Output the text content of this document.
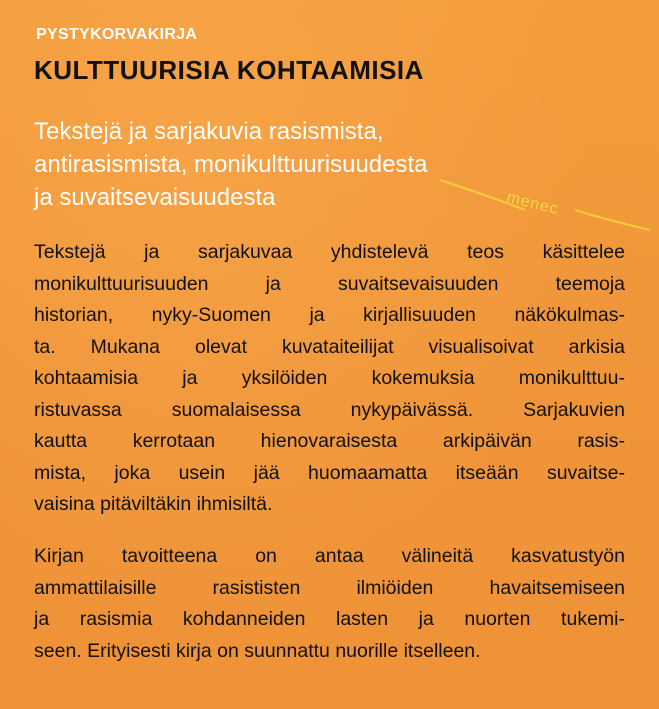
PYSTYKORVAKIRJA

KULTTUURISIA KOHTAAMISIA

Tekstejä ja sarjakuvia rasismista,
antirasismista, monikulttuurisuudesta
ja suvaitsevaisuudesta	menec

Tekstejä ja sarjakuvaa yhdistelevä teos käsittelee
monikulttuurisuuden ja suvaitsevaisuuden teemoja
historian, nyky-Suomen ja kirjallisuuden näkökulmas-
ta. Mukana olevat kuvataiteilijat visualisoivat arkisia
kohtaamisia ja yksilöiden kokemuksia monikulttuu-
ristuvassa suomalaisessa nykypäivässä. Sarjakuvien
kautta kerrotaan hienovaraisesta arkipäivän rasis-
mista, joka usein jää huomaamatta itseään suvaitse-
vaisina pitäviltäkin ihmisiltä.

Kirjan tavoitteena on antaa välineitä kasvatustyön
ammattilaisille rasististen ilmiöiden havaitsemiseen
ja rasismia kohdanneiden lasten ja nuorten tukemi-
seen. Erityisesti kirja on suunnattu nuorille itselleen.
